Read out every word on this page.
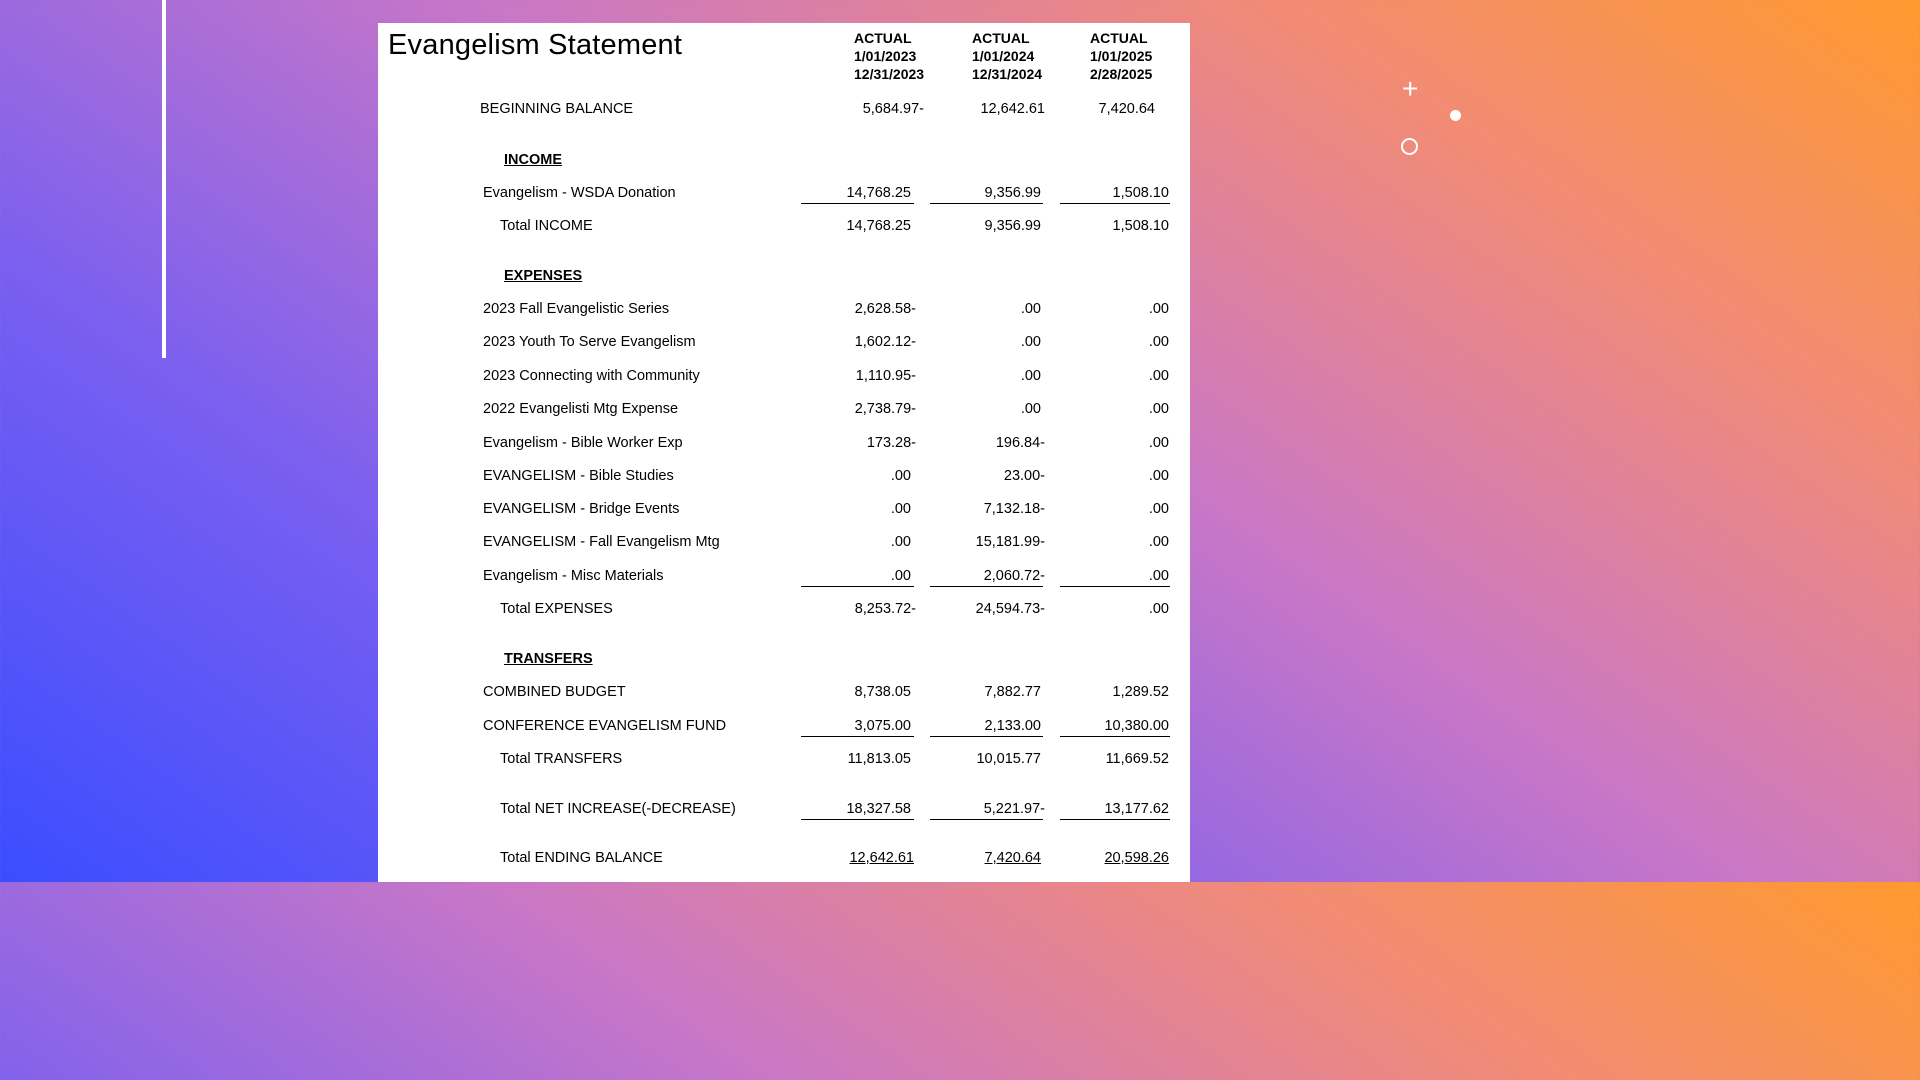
+
Evangelism Statement	ACTUAL
1/01/2023
12/31/2023
ACTUAL
1/01/2024
12/31/2024
ACTUAL
1/01/2025
2/28/2025
BEGINNING BALANCE	5,684.97-	12,642.61	7,420.64
INCOME
Evangelism - WSDA Donation	14,768.25	9,356.99	1,508.10
Total INCOME	14,768.25	9,356.99	1,508.10
EXPENSES
2023 Fall Evangelistic Series	2,628.58-	.00	.00
2023 Youth To Serve Evangelism	1,602.12-	.00	.00
2023 Connecting with Community	1,110.95-	.00	.00
2022 Evangelisti Mtg Expense	2,738.79-	.00	.00
Evangelism - Bible Worker Exp	173.28-	196.84-	.00
EVANGELISM - Bible Studies	.00	23.00-	.00
EVANGELISM - Bridge Events	.00	7,132.18-	.00
EVANGELISM - Fall Evangelism Mtg	.00	15,181.99-	.00
Evangelism - Misc Materials	.00	2,060.72-	.00
Total EXPENSES	8,253.72-	24,594.73-	.00
TRANSFERS
COMBINED BUDGET	8,738.05	7,882.77	1,289.52
CONFERENCE EVANGELISM FUND	3,075.00	2,133.00	10,380.00
Total TRANSFERS	11,813.05	10,015.77	11,669.52
Total NET INCREASE(-DECREASE)	18,327.58	5,221.97-	13,177.62
Total ENDING BALANCE	12,642.61	7,420.64	20,598.26
